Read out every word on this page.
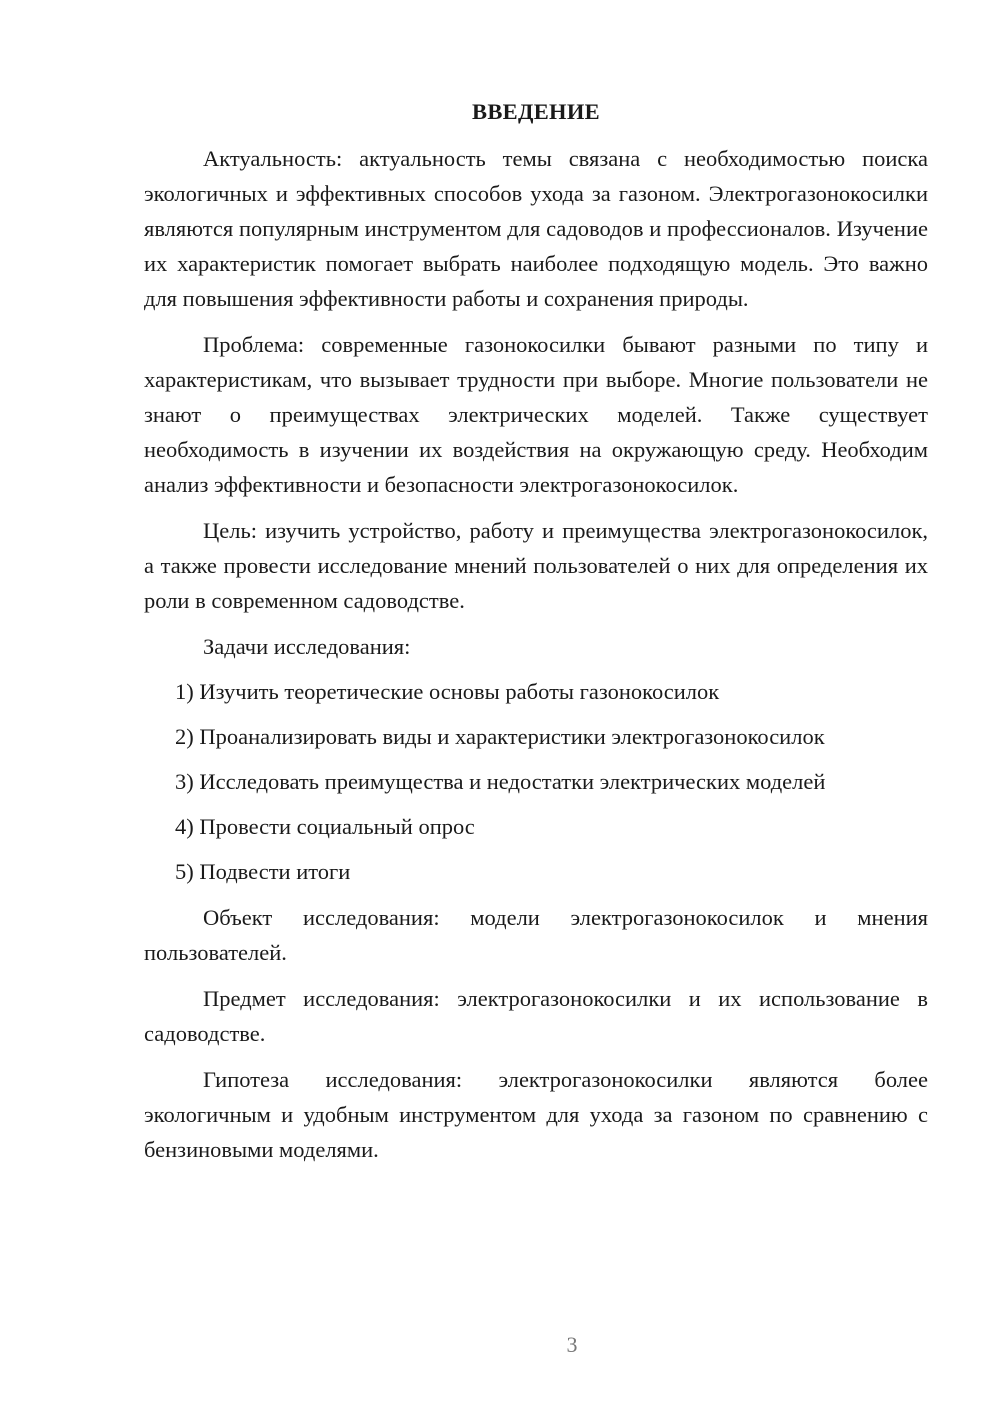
ВВЕДЕНИЕ

Актуальность: актуальность темы связана с необходимостью поиска экологичных и эффективных способов ухода за газоном. Электрогазонокосилки являются популярным инструментом для садоводов и профессионалов. Изучение их характеристик помогает выбрать наиболее подходящую модель. Это важно для повышения эффективности работы и сохранения природы.

Проблема: современные газонокосилки бывают разными по типу и характеристикам, что вызывает трудности при выборе. Многие пользователи не знают о преимуществах электрических моделей. Также существует необходимость в изучении их воздействия на окружающую среду. Необходим анализ эффективности и безопасности электрогазонокосилок.

Цель: изучить устройство, работу и преимущества электрогазонокосилок, а также провести исследование мнений пользователей о них для определения их роли в современном садоводстве.

Задачи исследования:

1) Изучить теоретические основы работы газонокосилок
2) Проанализировать виды и характеристики электрогазонокосилок
3) Исследовать преимущества и недостатки электрических моделей
4) Провести социальный опрос
5) Подвести итоги

Объект исследования: модели электрогазонокосилок и мнения пользователей.

Предмет исследования: электрогазонокосилки и их использование в садоводстве.

Гипотеза исследования: электрогазонокосилки являются более экологичным и удобным инструментом для ухода за газоном по сравнению с бензиновыми моделями.

3
